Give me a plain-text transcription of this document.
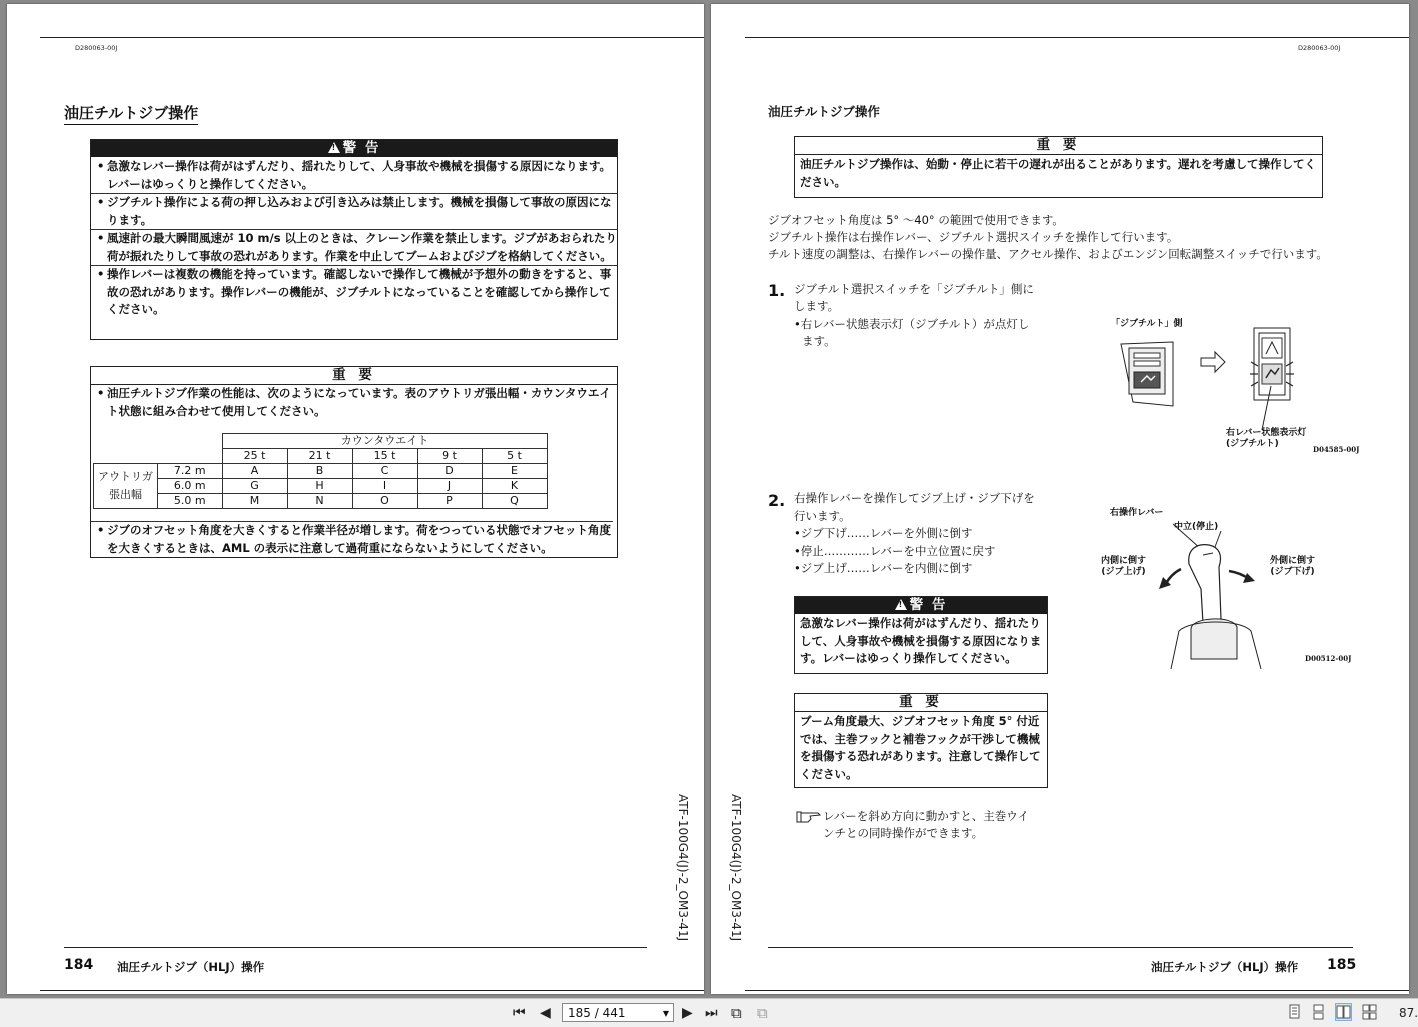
D280063-00J
油圧チルトジブ操作
!警 告
• 急激なレバー操作は荷がはずんだり、揺れたりして、人身事故や機械を損傷する原因になります。レバーはゆっくりと操作してください。
• ジブチルト操作による荷の押し込みおよび引き込みは禁止します。機械を損傷して事故の原因になります。
• 風速計の最大瞬間風速が 10 m/s 以上のときは、クレーン作業を禁止します。ジブがあおられたり荷が振れたりして事故の恐れがあります。作業を中止してブームおよびジブを格納してください。
• 操作レバーは複数の機能を持っています。確認しないで操作して機械が予想外の動きをすると、事故の恐れがあります。操作レバーの機能が、ジブチルトになっていることを確認してから操作してください。
重 要
• 油圧チルトジブ作業の性能は、次のようになっています。表のアウトリガ張出幅・カウンタウエイト状態に組み合わせて使用してください。
		カウンタウエイト				
		25 t	21 t	15 t	9 t	5 t
アウトリガ
張出幅	7.2 m	A	B	C	D	E
	6.0 m	G	H	I	J	K
	5.0 m	M	N	O	P	Q
• ジブのオフセット角度を大きくすると作業半径が増します。荷をつっている状態でオフセット角度を大きくするときは、AML の表示に注意して過荷重にならないようにしてください。
ATF-100G4(J)-2_OM3-41J
184 油圧チルトジブ（HLJ）操作
D280063-00J
油圧チルトジブ操作
重 要
油圧チルトジブ操作は、始動・停止に若干の遅れが出ることがあります。遅れを考慮して操作してください。
ジブオフセット角度は 5° ～40° の範囲で使用できます。
ジブチルト操作は右操作レバー、ジブチルト選択スイッチを操作して行います。
チルト速度の調整は、右操作レバーの操作量、アクセル操作、およびエンジン回転調整スイッチで行います。
1. ジブチルト選択スイッチを「ジブチルト」側に
します。
•右レバー状態表示灯（ジブチルト）が点灯し
ます。
「ジブチルト」側
右レバー状態表示灯
(ジブチルト)
D04585-00J
2. 右操作レバーを操作してジブ上げ・ジブ下げを
行います。
•ジブ下げ……レバーを外側に倒す
•停止…………レバーを中立位置に戻す
•ジブ上げ……レバーを内側に倒す
右操作レバー
中立(停止)
内側に倒す
(ジブ上げ)
外側に倒す
(ジブ下げ)
D00512-00J
!警 告
急激なレバー操作は荷がはずんだり、揺れたりして、人身事故や機械を損傷する原因になります。レバーはゆっくり操作してください。
重 要
ブーム角度最大、ジブオフセット角度 5° 付近では、主巻フックと補巻フックが干渉して機械を損傷する恐れがあります。注意して操作してください。
レバーを斜め方向に動かすと、主巻ウイ
ンチとの同時操作ができます。
ATF-100G4(J)-2_OM3-41J
油圧チルトジブ（HLJ）操作 185
⏮ ◀	185 / 441	▼ ▶ ⏭ ⧉ ⧉	87.
